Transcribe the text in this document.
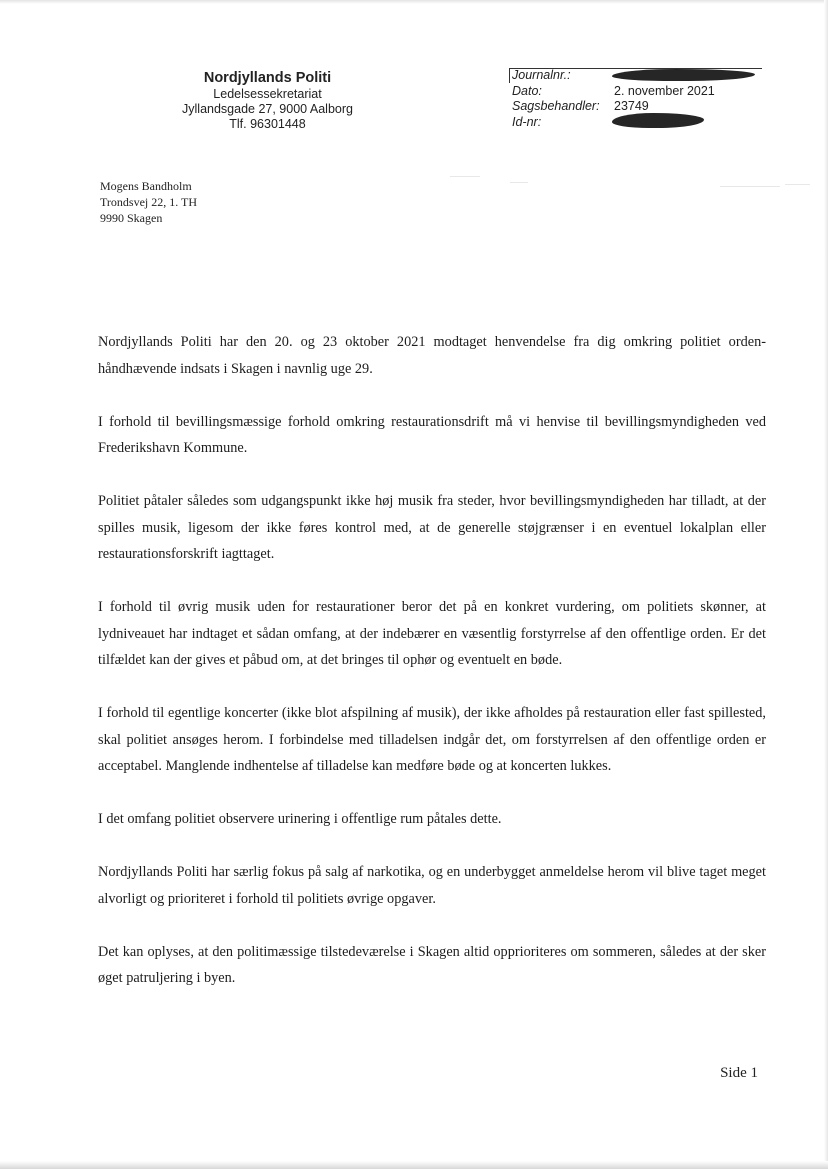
Nordjyllands Politi
Ledelsessekretariat
Jyllandsgade 27, 9000 Aalborg
Tlf. 96301448
Journalnr.:
Dato:	2. november 2021
Sagsbehandler: 23749
Id-nr:
Mogens Bandholm
Trondsvej 22, 1. TH
9990 Skagen

Nordjyllands Politi har den 20. og 23 oktober 2021 modtaget henvendelse fra dig omkring politiet orden-håndhævende indsats i Skagen i navnlig uge 29.

I forhold til bevillingsmæssige forhold omkring restaurationsdrift må vi henvise til bevillingsmyndigheden ved Frederikshavn Kommune.

Politiet påtaler således som udgangspunkt ikke høj musik fra steder, hvor bevillingsmyndigheden har tilladt, at der spilles musik, ligesom der ikke føres kontrol med, at de generelle støjgrænser i en eventuel lokalplan eller restaurationsforskrift iagttaget.

I forhold til øvrig musik uden for restaurationer beror det på en konkret vurdering, om politiets skønner, at lydniveauet har indtaget et sådan omfang, at der indebærer en væsentlig forstyrrelse af den offentlige orden. Er det tilfældet kan der gives et påbud om, at det bringes til ophør og eventuelt en bøde.

I forhold til egentlige koncerter (ikke blot afspilning af musik), der ikke afholdes på restauration eller fast spillested, skal politiet ansøges herom. I forbindelse med tilladelsen indgår det, om forstyrrelsen af den offentlige orden er acceptabel. Manglende indhentelse af tilladelse kan medføre bøde og at koncerten lukkes.

I det omfang politiet observere urinering i offentlige rum påtales dette.

Nordjyllands Politi har særlig fokus på salg af narkotika, og en underbygget anmeldelse herom vil blive taget meget alvorligt og prioriteret i forhold til politiets øvrige opgaver.

Det kan oplyses, at den politimæssige tilstedeværelse i Skagen altid opprioriteres om sommeren, således at der sker øget patruljering i byen.

Side 1
